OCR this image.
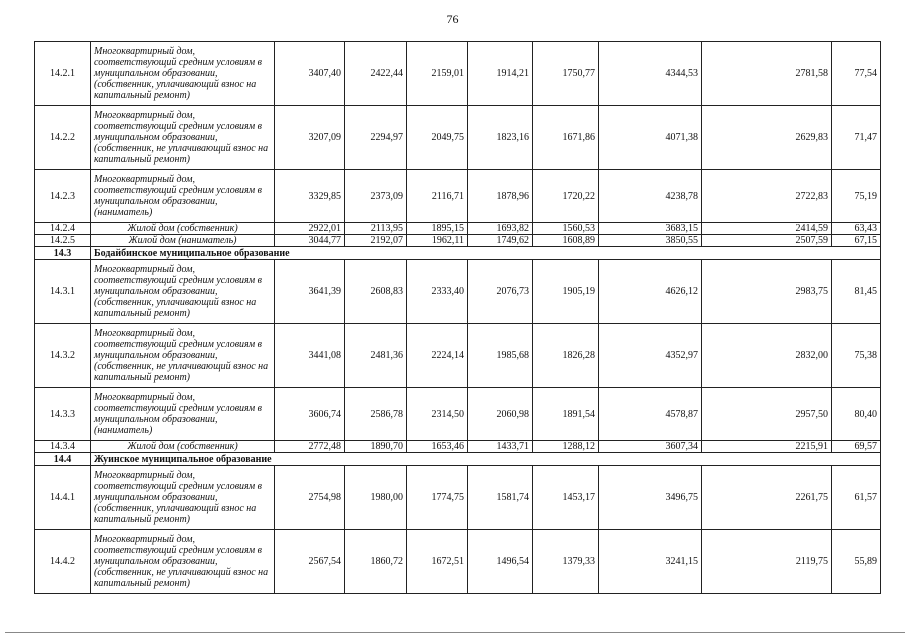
76
14.2.1	Многоквартирный дом, соответствующий средним условиям в муниципальном образовании, (собственник, уплачивающий взнос на капитальный ремонт)	3407,40	2422,44	2159,01	1914,21	1750,77	4344,53	2781,58	77,54
14.2.2	Многоквартирный дом, соответствующий средним условиям в муниципальном образовании, (собственник, не уплачивающий взнос на капитальный ремонт)	3207,09	2294,97	2049,75	1823,16	1671,86	4071,38	2629,83	71,47
14.2.3	Многоквартирный дом, соответствующий средним условиям в муниципальном образовании, (наниматель)	3329,85	2373,09	2116,71	1878,96	1720,22	4238,78	2722,83	75,19
14.2.4	Жилой дом (собственник)	2922,01	2113,95	1895,15	1693,82	1560,53	3683,15	2414,59	63,43
14.2.5	Жилой дом (наниматель)	3044,77	2192,07	1962,11	1749,62	1608,89	3850,55	2507,59	67,15
14.3	Бодайбинское муниципальное образование								
14.3.1	Многоквартирный дом, соответствующий средним условиям в муниципальном образовании, (собственник, уплачивающий взнос на капитальный ремонт)	3641,39	2608,83	2333,40	2076,73	1905,19	4626,12	2983,75	81,45
14.3.2	Многоквартирный дом, соответствующий средним условиям в муниципальном образовании, (собственник, не уплачивающий взнос на капитальный ремонт)	3441,08	2481,36	2224,14	1985,68	1826,28	4352,97	2832,00	75,38
14.3.3	Многоквартирный дом, соответствующий средним условиям в муниципальном образовании, (наниматель)	3606,74	2586,78	2314,50	2060,98	1891,54	4578,87	2957,50	80,40
14.3.4	Жилой дом (собственник)	2772,48	1890,70	1653,46	1433,71	1288,12	3607,34	2215,91	69,57
14.4	Жуинское муниципальное образование								
14.4.1	Многоквартирный дом, соответствующий средним условиям в муниципальном образовании, (собственник, уплачивающий взнос на капитальный ремонт)	2754,98	1980,00	1774,75	1581,74	1453,17	3496,75	2261,75	61,57
14.4.2	Многоквартирный дом, соответствующий средним условиям в муниципальном образовании, (собственник, не уплачивающий взнос на капитальный ремонт)	2567,54	1860,72	1672,51	1496,54	1379,33	3241,15	2119,75	55,89
